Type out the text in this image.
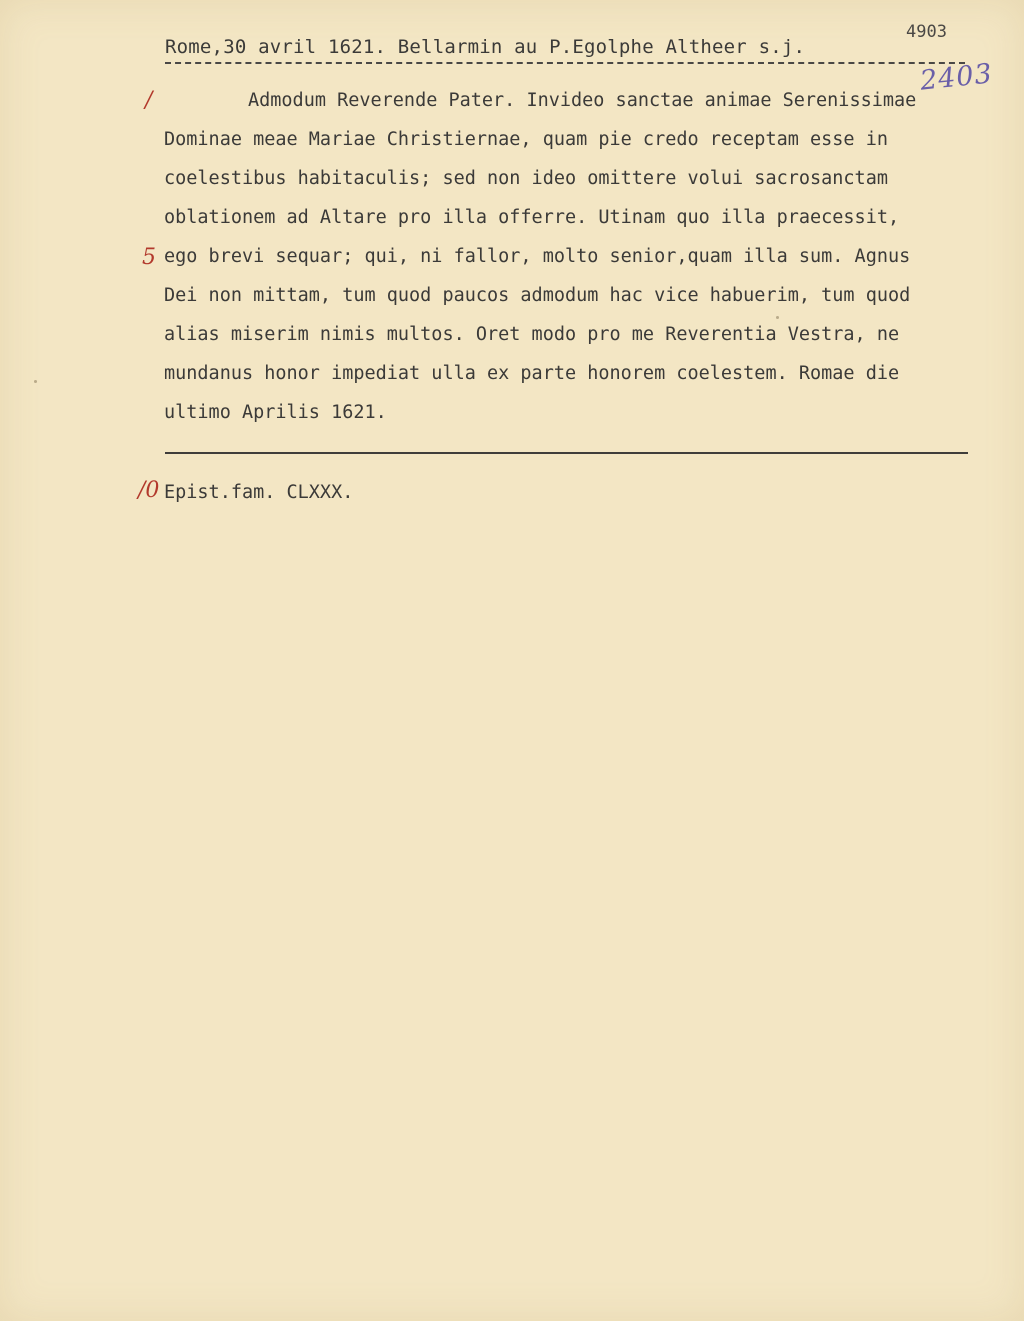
Rome,30 avril 1621. Bellarmin au P.Egolphe Altheer s.j.
4903
2403
/
5
Admodum Reverende Pater. Invideo sanctae animae Serenissimae
Dominae meae Mariae Christiernae, quam pie credo receptam esse in
coelestibus habitaculis; sed non ideo omittere volui sacrosanctam
oblationem ad Altare pro illa offerre. Utinam quo illa praecessit,
ego brevi sequar; qui, ni fallor, molto senior,quam illa sum. Agnus
Dei non mittam, tum quod paucos admodum hac vice habuerim, tum quod
alias miserim nimis multos. Oret modo pro me Reverentia Vestra, ne
mundanus honor impediat ulla ex parte honorem coelestem. Romae die
ultimo Aprilis 1621.
/0 Epist.fam. CLXXX.
